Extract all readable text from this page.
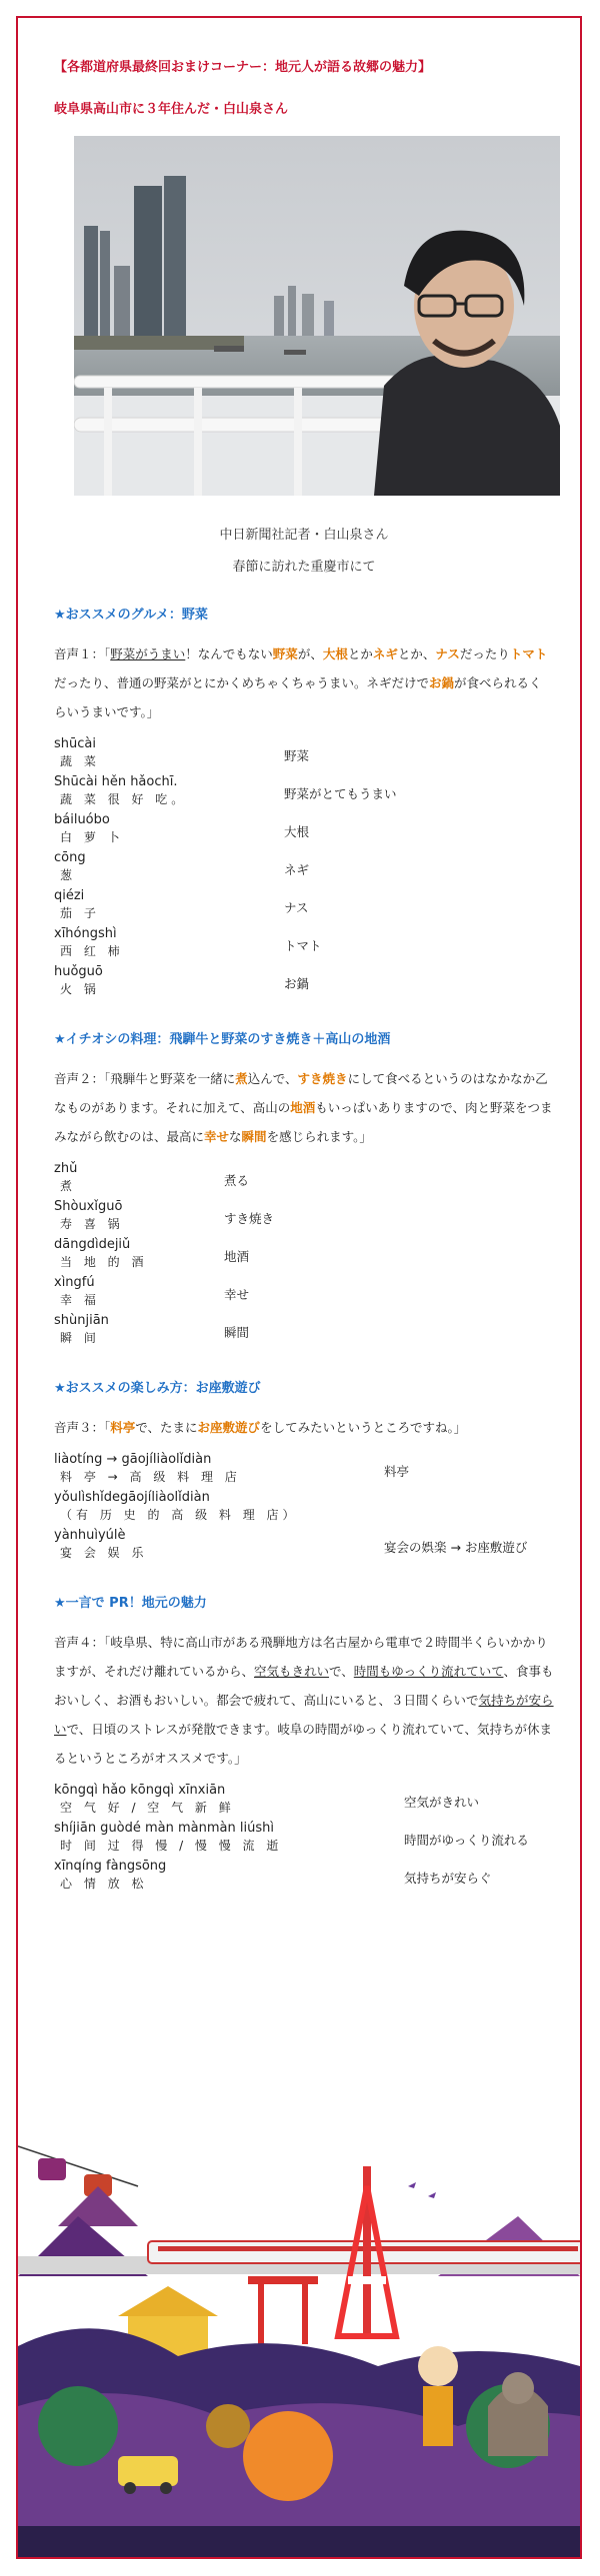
【各都道府県最終回おまけコーナー：地元人が語る故郷の魅力】
岐阜県高山市に３年住んだ・白山泉さん
中日新聞社記者・白山泉さん
春節に訪れた重慶市にて
★おススメのグルメ：野菜
音声１：「野菜がうまい！なんでもない野菜が、大根とかネギとか、ナスだったりトマトだったり、普通の野菜がとにかくめちゃくちゃうまい。ネギだけでお鍋が食べられるくらいうまいです。」
shūcài
蔬 菜	野菜
Shūcài hěn hǎochī.
蔬 菜 很 好 吃。	野菜がとてもうまい
báiluóbo
白 萝 卜	大根
cōng
葱	ネギ
qiézi
茄 子	ナス
xīhóngshì
西 红 柿	トマト
huǒguō
火 锅	お鍋
★イチオシの料理：飛騨牛と野菜のすき焼き＋高山の地酒
音声２：「飛騨牛と野菜を一緒に煮込んで、すき焼きにして食べるというのはなかなか乙なものがあります。それに加えて、高山の地酒もいっぱいありますので、肉と野菜をつまみながら飲むのは、最高に幸せな瞬間を感じられます。」
zhǔ
煮	煮る
Shòuxǐguō
寿 喜 锅	すき焼き
dāngdìdejiǔ
当 地 的 酒	地酒
xìngfú
幸 福	幸せ
shùnjiān
瞬 间	瞬間
★おススメの楽しみ方：お座敷遊び
音声３：「料亭で、たまにお座敷遊びをしてみたいというところですね。」
liàotíng → gāojíliàolǐdiàn
料 亭 → 高 级 料 理 店	料亭
yǒulìshǐdegāojíliàolǐdiàn
（有 历 史 的 高 级 料 理 店）
yànhuìyúlè
宴 会 娱 乐	宴会の娯楽 → お座敷遊び
★一言で PR！地元の魅力
音声４：「岐阜県、特に高山市がある飛騨地方は名古屋から電車で２時間半くらいかかりますが、それだけ離れているから、空気もきれいで、時間もゆっくり流れていて、食事もおいしく、お酒もおいしい。都会で疲れて、高山にいると、３日間くらいで気持ちが安らいで、日頃のストレスが発散できます。岐阜の時間がゆっくり流れていて、気持ちが休まるというところがオススメです。」
kōngqì hǎo kōngqì xīnxiān
空 气 好 / 空 气 新 鲜	空気がきれい
shíjiān guòdé màn mànmàn liúshì
时 间 过 得 慢 / 慢 慢 流 逝	時間がゆっくり流れる
xīnqíng fàngsōng
心 情 放 松	気持ちが安らぐ
